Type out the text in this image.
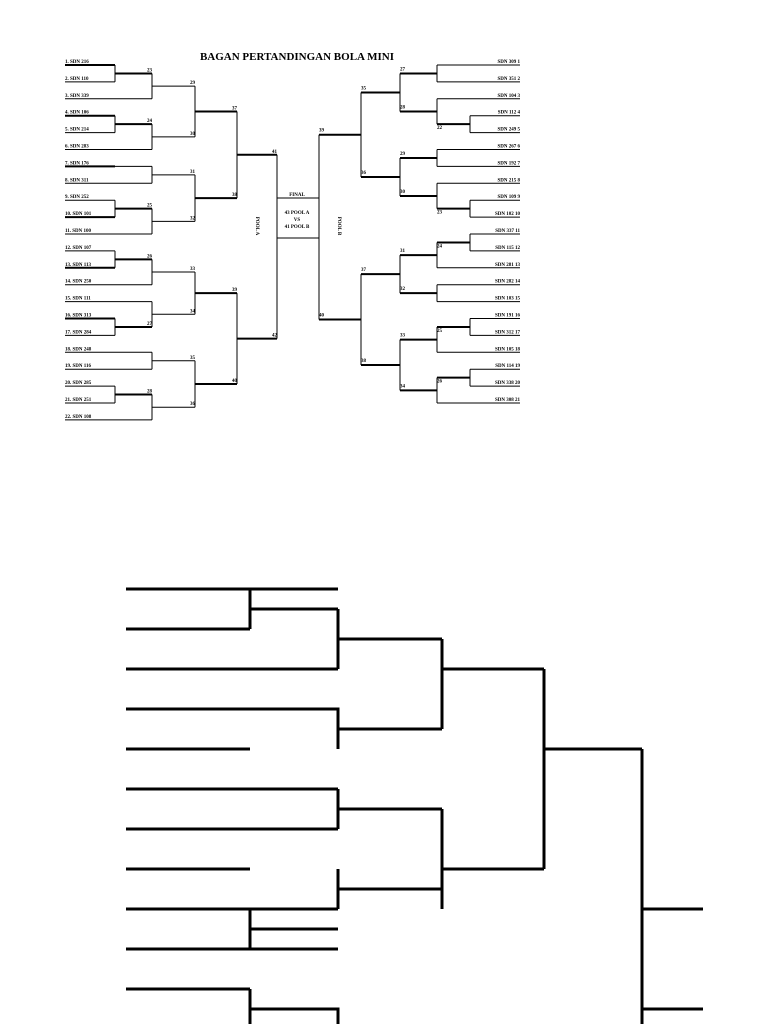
BAGAN PERTANDINGAN BOLA MINI
1. SDN 216
2. SDN 110
3. SDN 339
4. SDN 106
5. SDN 214
6. SDN 283
7. SDN 176
8. SDN 311
9. SDN 252
10. SDN 101
11. SDN 100
12. SDN 107
13. SDN 113
14. SDN 250
15. SDN 111
16. SDN 313
17. SDN 284
18. SDN 248
19. SDN 116
20. SDN 285
21. SDN 251
22. SDN 108
23
24
25
26
27
28
29
30
31
32
33
34
35
36
37
38
39
40
41
42
SDN 309 1
SDN 351 2
SDN 104 3
SDN 112 4
SDN 249 5
SDN 267 6
SDN 192 7
SDN 215 8
SDN 109 9
SDN 102 10
SDN 337 11
SDN 115 12
SDN 281 13
SDN 282 14
SDN 103 15
SDN 191 16
SDN 312 17
SDN 105 18
SDN 114 19
SDN 338 20
SDN 308 21
22
23
24
25
26
27
28
29
30
31
32
33
34
35
36
37
38
39
40
FINAL
43 POOL A
VS
41 POOL B
POOL A	POOL B
